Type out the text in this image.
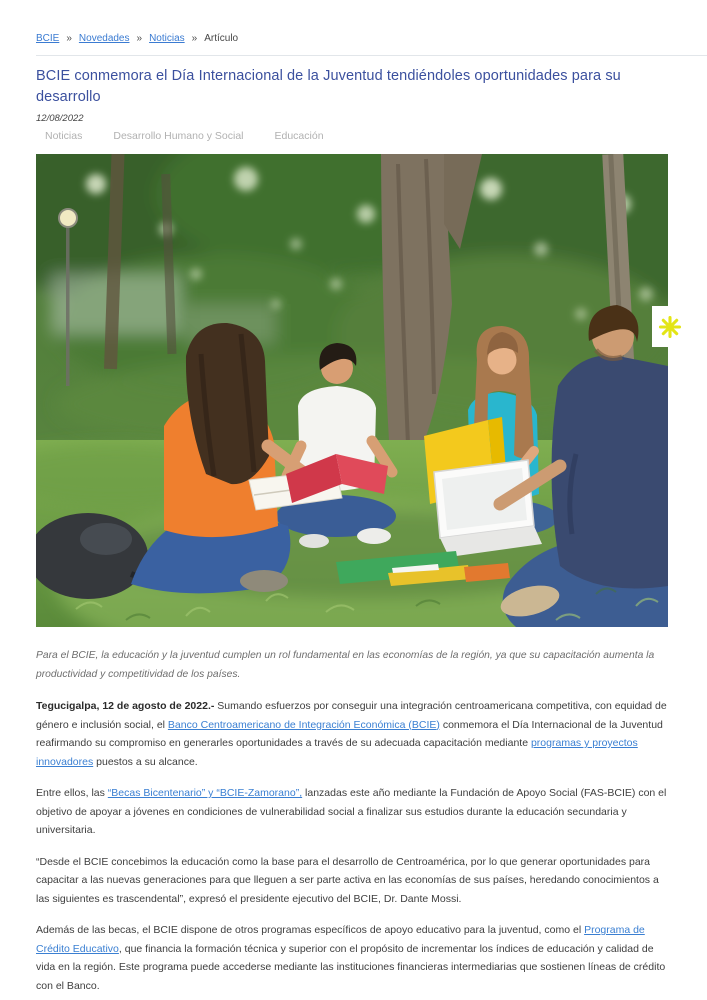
BCIE » Novedades » Noticias » Artículo
BCIE conmemora el Día Internacional de la Juventud tendiéndoles oportunidades para su desarrollo
12/08/2022
Noticias	Desarrollo Humano y Social	Educación

Para el BCIE, la educación y la juventud cumplen un rol fundamental en las economías de la región, ya que su capacitación aumenta la productividad y competitividad de los países.

Tegucigalpa, 12 de agosto de 2022.- Sumando esfuerzos por conseguir una integración centroamericana competitiva, con equidad de género e inclusión social, el Banco Centroamericano de Integración Económica (BCIE) conmemora el Día Internacional de la Juventud reafirmando su compromiso en generarles oportunidades a través de su adecuada capacitación mediante programas y proyectos innovadores puestos a su alcance.

Entre ellos, las “Becas Bicentenario” y “BCIE-Zamorano”, lanzadas este año mediante la Fundación de Apoyo Social (FAS-BCIE) con el objetivo de apoyar a jóvenes en condiciones de vulnerabilidad social a finalizar sus estudios durante la educación secundaria y universitaria.

“Desde el BCIE concebimos la educación como la base para el desarrollo de Centroamérica, por lo que generar oportunidades para capacitar a las nuevas generaciones para que lleguen a ser parte activa en las economías de sus países, heredando conocimientos a las siguientes es trascendental”, expresó el presidente ejecutivo del BCIE, Dr. Dante Mossi.

Además de las becas, el BCIE dispone de otros programas específicos de apoyo educativo para la juventud, como el Programa de Crédito Educativo, que financia la formación técnica y superior con el propósito de incrementar los índices de educación y calidad de vida en la región. Este programa puede accederse mediante las instituciones financieras intermediarias que sostienen líneas de crédito con el Banco.
